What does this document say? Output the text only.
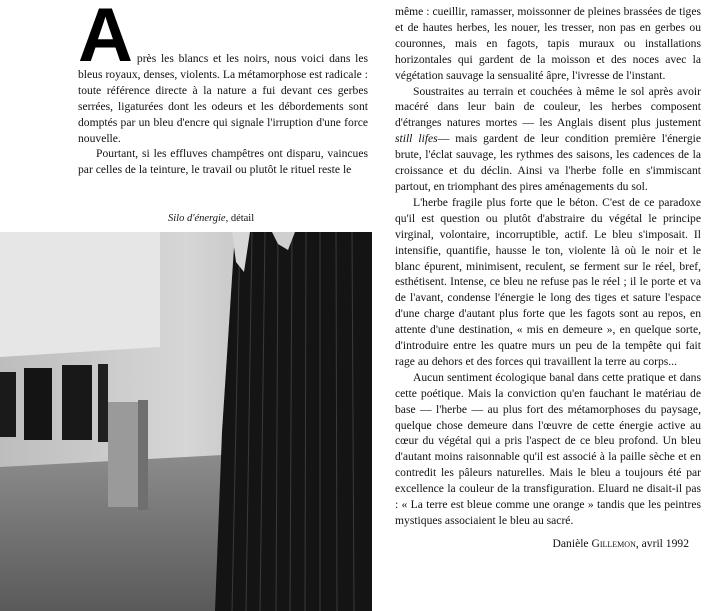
A près les blancs et les noirs, nous voici dans les bleus royaux, denses, violents. La métamorphose est radicale : toute référence directe à la nature a fui devant ces gerbes serrées, ligaturées dont les odeurs et les débordements sont domptés par un bleu d'encre qui signale l'irruption d'une force nouvelle.

Pourtant, si les effluves champêtres ont disparu, vaincues par celles de la teinture, le travail ou plutôt le rituel reste le

Silo d'énergie, détail

même : cueillir, ramasser, moissonner de pleines brassées de tiges et de hautes herbes, les nouer, les tresser, non pas en gerbes ou couronnes, mais en fagots, tapis muraux ou installations horizontales qui gardent de la moisson et des noces avec la végétation sauvage la sensualité âpre, l'ivresse de l'instant.

Soustraites au terrain et couchées à même le sol après avoir macéré dans leur bain de couleur, les herbes composent d'étranges natures mortes — les Anglais disent plus justement still lifes— mais gardent de leur condition première l'énergie brute, l'éclat sauvage, les rythmes des saisons, les cadences de la croissance et du déclin. Ainsi va l'herbe folle en s'immiscant partout, en triomphant des pires aménagements du sol.

L'herbe fragile plus forte que le béton. C'est de ce paradoxe qu'il est question ou plutôt d'abstraire du végétal le principe virginal, volontaire, incorruptible, actif. Le bleu s'imposait. Il intensifie, quantifie, hausse le ton, violente là où le noir et le blanc épurent, minimisent, reculent, se ferment sur le réel, bref, esthétisent. Intense, ce bleu ne refuse pas le réel ; il le porte et va de l'avant, condense l'énergie le long des tiges et sature l'espace d'une charge d'autant plus forte que les fagots sont au repos, en attente d'une destination, « mis en demeure », en quelque sorte, d'introduire entre les quatre murs un peu de la tempête qui fait rage au dehors et des forces qui travaillent la terre au corps...

Aucun sentiment écologique banal dans cette pratique et dans cette poétique. Mais la conviction qu'en fauchant le matériau de base — l'herbe — au plus fort des métamorphoses du paysage, quelque chose demeure dans l'œuvre de cette énergie active au cœur du végétal qui a pris l'aspect de ce bleu profond. Un bleu d'autant moins raisonnable qu'il est associé à la paille sèche et en contredit les pâleurs naturelles. Mais le bleu a toujours été par excellence la couleur de la transfiguration. Eluard ne disait-il pas : « La terre est bleue comme une orange » tandis que les peintres mystiques associaient le bleu au sacré.

Danièle Gillemon, avril 1992
